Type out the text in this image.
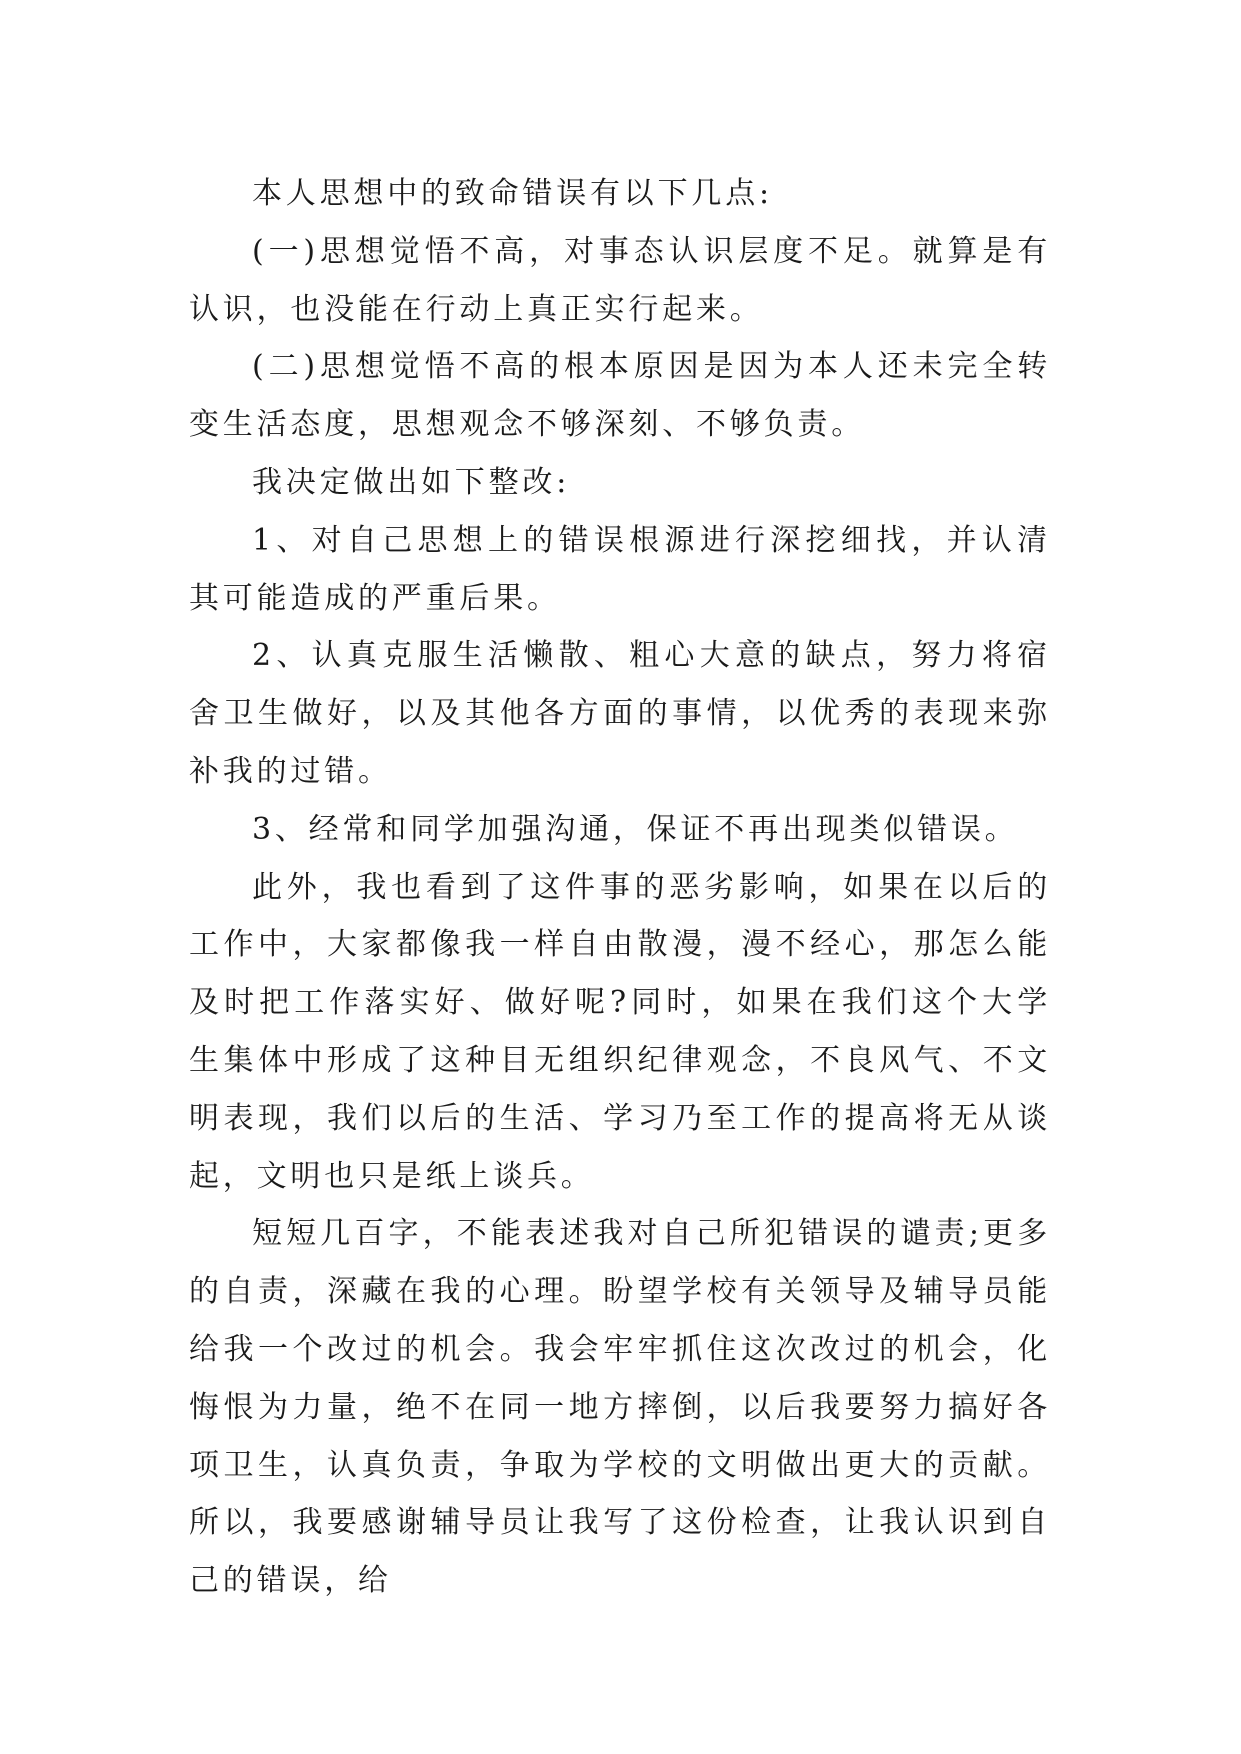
本人思想中的致命错误有以下几点:

(一)思想觉悟不高，对事态认识层度不足。就算是有认识，也没能在行动上真正实行起来。

(二)思想觉悟不高的根本原因是因为本人还未完全转变生活态度，思想观念不够深刻、不够负责。

我决定做出如下整改:

1、对自己思想上的错误根源进行深挖细找，并认清其可能造成的严重后果。

2、认真克服生活懒散、粗心大意的缺点，努力将宿舍卫生做好，以及其他各方面的事情，以优秀的表现来弥补我的过错。

3、经常和同学加强沟通，保证不再出现类似错误。

此外，我也看到了这件事的恶劣影响，如果在以后的工作中，大家都像我一样自由散漫，漫不经心，那怎么能及时把工作落实好、做好呢?同时，如果在我们这个大学生集体中形成了这种目无组织纪律观念，不良风气、不文明表现，我们以后的生活、学习乃至工作的提高将无从谈起，文明也只是纸上谈兵。

短短几百字，不能表述我对自己所犯错误的谴责;更多的自责，深藏在我的心理。盼望学校有关领导及辅导员能给我一个改过的机会。我会牢牢抓住这次改过的机会，化悔恨为力量，绝不在同一地方摔倒，以后我要努力搞好各项卫生，认真负责，争取为学校的文明做出更大的贡献。所以，我要感谢辅导员让我写了这份检查，让我认识到自己的错误，给
